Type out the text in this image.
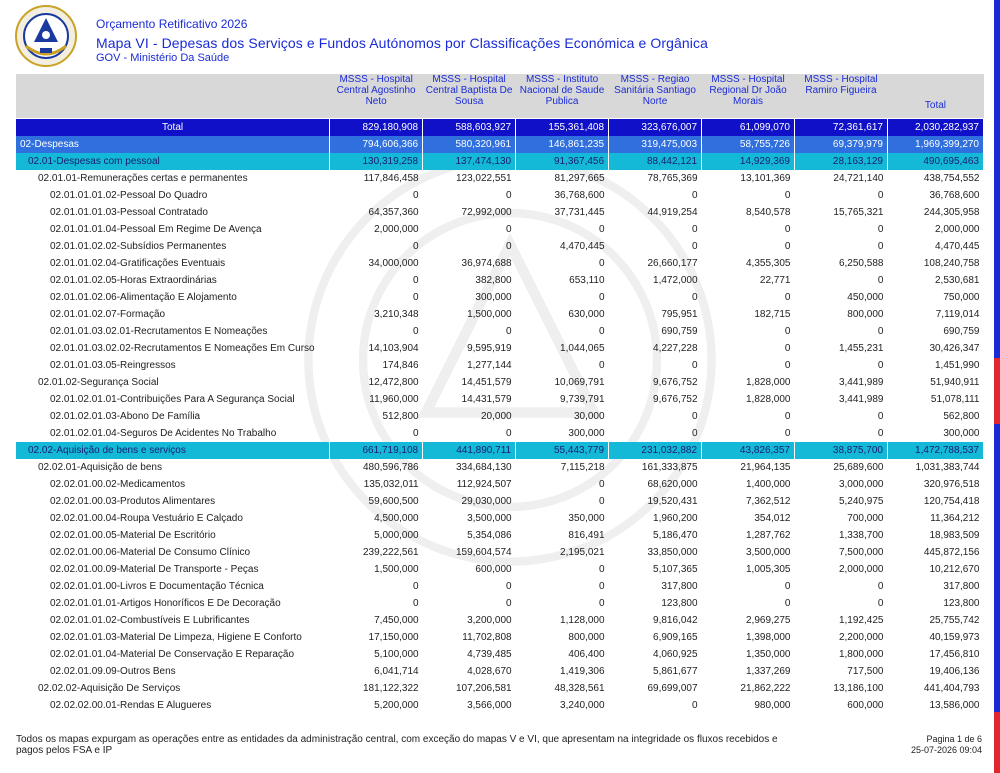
Orçamento Retificativo 2026
Mapa VI - Depesas dos Serviços e Fundos Autónomos por Classificações Económica e Orgânica
GOV - Ministério Da Saúde
	MSSS - Hospital Central Agostinho Neto	MSSS - Hospital Central Baptista De Sousa	MSSS - Instituto Nacional de Saude Publica	MSSS - Regiao Sanitária Santiago Norte	MSSS - Hospital Regional Dr João Morais	MSSS - Hospital Ramiro Figueira	Total

Total	829,180,908	588,603,927	155,361,408	323,676,007	61,099,070	72,361,617	2,030,282,937
02-Despesas	794,606,366	580,320,961	146,861,235	319,475,003	58,755,726	69,379,979	1,969,399,270
02.01-Despesas com pessoal	130,319,258	137,474,130	91,367,456	88,442,121	14,929,369	28,163,129	490,695,463
02.01.01-Remunerações certas e permanentes	117,846,458	123,022,551	81,297,665	78,765,369	13,101,369	24,721,140	438,754,552
02.01.01.01.02-Pessoal Do Quadro	0	0	36,768,600	0	0	0	36,768,600
02.01.01.01.03-Pessoal Contratado	64,357,360	72,992,000	37,731,445	44,919,254	8,540,578	15,765,321	244,305,958
02.01.01.01.04-Pessoal Em Regime De Avença	2,000,000	0	0	0	0	0	2,000,000
02.01.01.02.02-Subsídios Permanentes	0	0	4,470,445	0	0	0	4,470,445
02.01.01.02.04-Gratificações Eventuais	34,000,000	36,974,688	0	26,660,177	4,355,305	6,250,588	108,240,758
02.01.01.02.05-Horas Extraordinárias	0	382,800	653,110	1,472,000	22,771	0	2,530,681
02.01.01.02.06-Alimentação E Alojamento	0	300,000	0	0	0	450,000	750,000
02.01.01.02.07-Formação	3,210,348	1,500,000	630,000	795,951	182,715	800,000	7,119,014
02.01.01.03.02.01-Recrutamentos E Nomeações	0	0	0	690,759	0	0	690,759
02.01.01.03.02.02-Recrutamentos E Nomeações Em Curso	14,103,904	9,595,919	1,044,065	4,227,228	0	1,455,231	30,426,347
02.01.01.03.05-Reingressos	174,846	1,277,144	0	0	0	0	1,451,990
02.01.02-Segurança Social	12,472,800	14,451,579	10,069,791	9,676,752	1,828,000	3,441,989	51,940,911
02.01.02.01.01-Contribuições Para A Segurança Social	11,960,000	14,431,579	9,739,791	9,676,752	1,828,000	3,441,989	51,078,111
02.01.02.01.03-Abono De Família	512,800	20,000	30,000	0	0	0	562,800
02.01.02.01.04-Seguros De Acidentes No Trabalho	0	0	300,000	0	0	0	300,000
02.02-Aquisição de bens e serviços	661,719,108	441,890,711	55,443,779	231,032,882	43,826,357	38,875,700	1,472,788,537
02.02.01-Aquisição de bens	480,596,786	334,684,130	7,115,218	161,333,875	21,964,135	25,689,600	1,031,383,744
02.02.01.00.02-Medicamentos	135,032,011	112,924,507	0	68,620,000	1,400,000	3,000,000	320,976,518
02.02.01.00.03-Produtos Alimentares	59,600,500	29,030,000	0	19,520,431	7,362,512	5,240,975	120,754,418
02.02.01.00.04-Roupa Vestuário E Calçado	4,500,000	3,500,000	350,000	1,960,200	354,012	700,000	11,364,212
02.02.01.00.05-Material De Escritório	5,000,000	5,354,086	816,491	5,186,470	1,287,762	1,338,700	18,983,509
02.02.01.00.06-Material De Consumo Clínico	239,222,561	159,604,574	2,195,021	33,850,000	3,500,000	7,500,000	445,872,156
02.02.01.00.09-Material De Transporte - Peças	1,500,000	600,000	0	5,107,365	1,005,305	2,000,000	10,212,670
02.02.01.01.00-Livros E Documentação Técnica	0	0	0	317,800	0	0	317,800
02.02.01.01.01-Artigos Honoríficos E De Decoração	0	0	0	123,800	0	0	123,800
02.02.01.01.02-Combustíveis E Lubrificantes	7,450,000	3,200,000	1,128,000	9,816,042	2,969,275	1,192,425	25,755,742
02.02.01.01.03-Material De Limpeza, Higiene E Conforto	17,150,000	11,702,808	800,000	6,909,165	1,398,000	2,200,000	40,159,973
02.02.01.01.04-Material De Conservação E Reparação	5,100,000	4,739,485	406,400	4,060,925	1,350,000	1,800,000	17,456,810
02.02.01.09.09-Outros Bens	6,041,714	4,028,670	1,419,306	5,861,677	1,337,269	717,500	19,406,136
02.02.02-Aquisição De Serviços	181,122,322	107,206,581	48,328,561	69,699,007	21,862,222	13,186,100	441,404,793
02.02.02.00.01-Rendas E Alugueres	5,200,000	3,566,000	3,240,000	0	980,000	600,000	13,586,000
Todos os mapas expurgam as operações entre as entidades da administração central, com exceção do mapas V e VI, que apresentam na integridade os fluxos recebidos e pagos pelos FSA e IP
Pagina 1 de 6
25-07-2026 09:04
